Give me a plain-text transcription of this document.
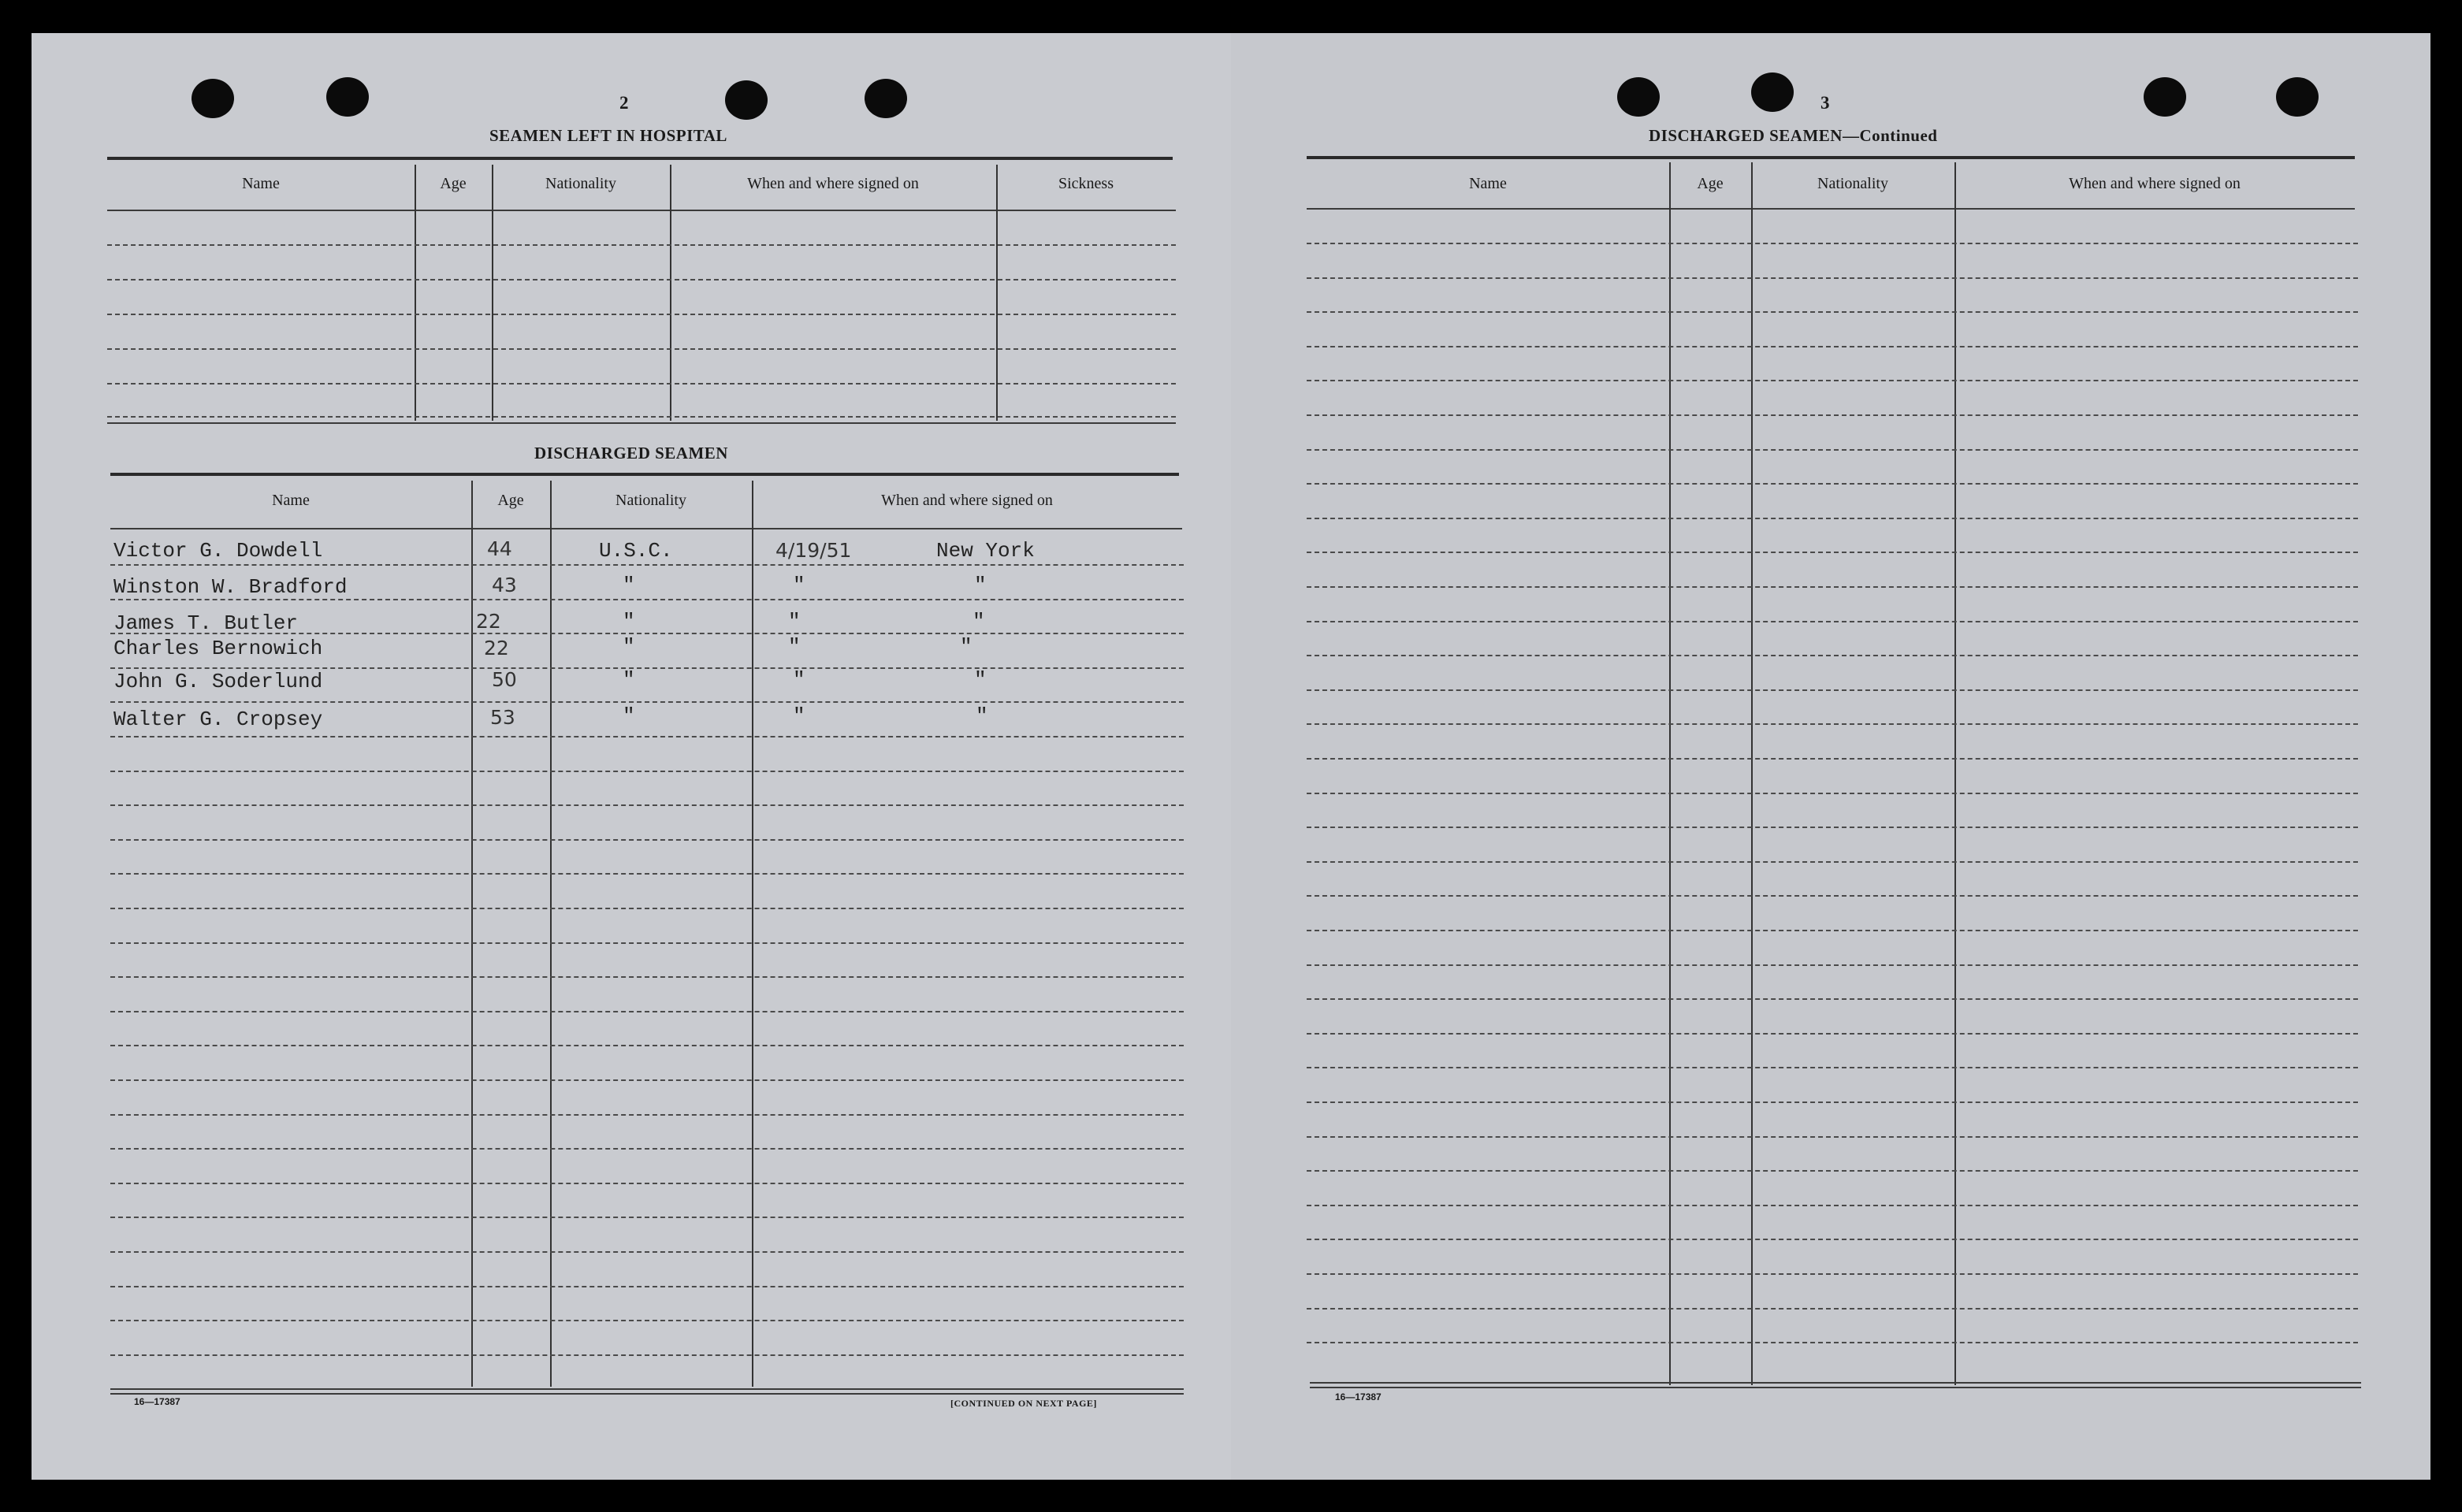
2
SEAMEN LEFT IN HOSPITAL
Name	Age	Nationality	When and where signed on	Sickness
DISCHARGED SEAMEN
Name	Age	Nationality	When and where signed on
Victor G. Dowdell	44	U.S.C.	4/19/51	New York
Winston W. Bradford	43	"	"	"
James T. Butler	22	"	"	"
Charles Bernowich	22	"	"	"
John G. Soderlund	50	"	"	"
Walter G. Cropsey	53	"	"	"
16—17387	[CONTINUED ON NEXT PAGE]
3
DISCHARGED SEAMEN—Continued
Name	Age	Nationality	When and where signed on
16—17387
